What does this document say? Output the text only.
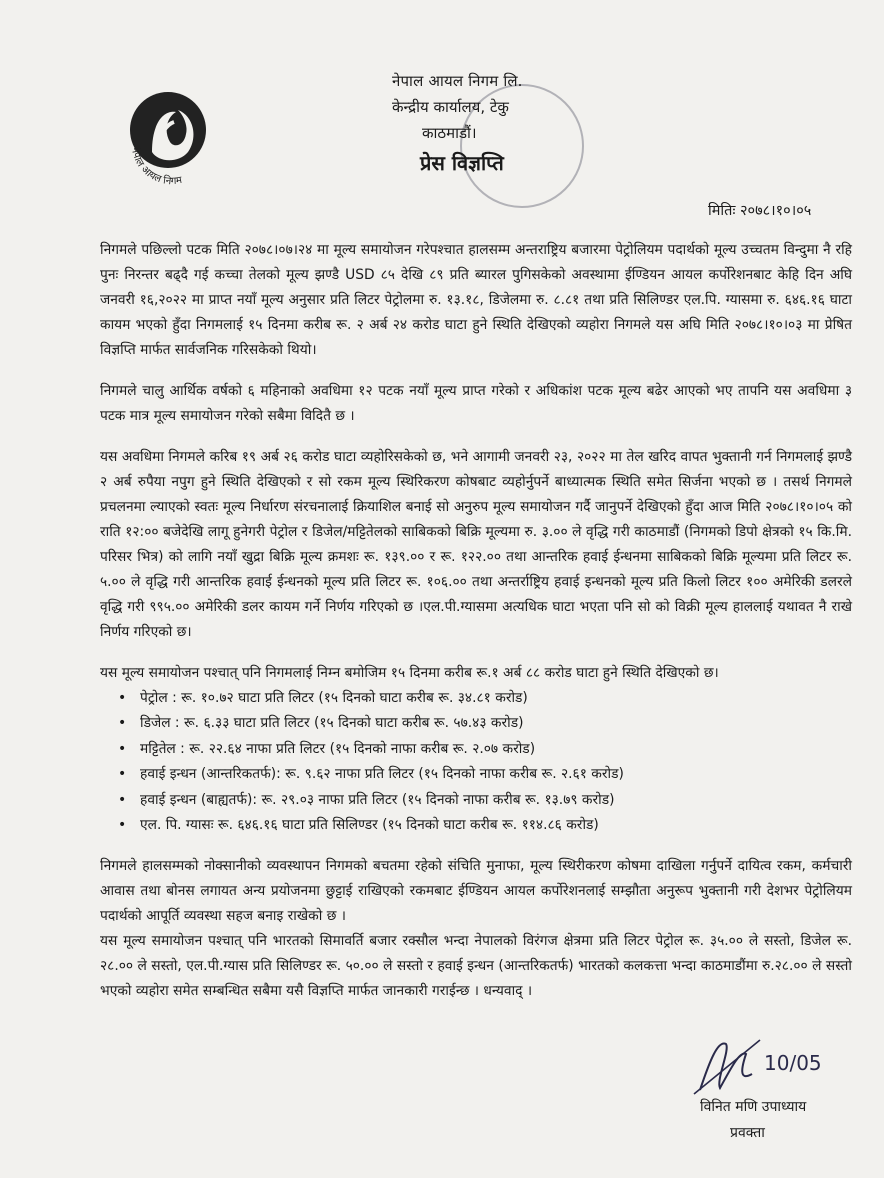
नेपाल आयल निगम
नेपाल आयल निगम लि.
केन्द्रीय कार्यालय, टेकु
काठमाडौं।
प्रेस विज्ञप्ति
मितिः २०७८।१०।०५

निगमले पछिल्लो पटक मिति २०७८।०७।२४ मा मूल्य समायोजन गरेपश्चात हालसम्म अन्तराष्ट्रिय बजारमा पेट्रोलियम पदार्थको मूल्य उच्चतम विन्दुमा नै रहि पुनः निरन्तर बढ्दै गई कच्चा तेलको मूल्य झण्डै USD ८५ देखि ८९ प्रति ब्यारल पुगिसकेको अवस्थामा ईण्डियन आयल कर्पोरेशनबाट केहि दिन अघि जनवरी १६,२०२२ मा प्राप्त नयाँ मूल्य अनुसार प्रति लिटर पेट्रोलमा रु. १३.१८, डिजेलमा रु. ८.८१ तथा प्रति सिलिण्डर एल.पि. ग्यासमा रु. ६४६.१६ घाटा कायम भएको हुँदा निगमलाई १५ दिनमा करीब रू. २ अर्ब २४ करोड घाटा हुने स्थिति देखिएको व्यहोरा निगमले यस अघि मिति २०७८।१०।०३ मा प्रेषित विज्ञप्ति मार्फत सार्वजनिक गरिसकेको थियो।

निगमले चालु आर्थिक वर्षको ६ महिनाको अवधिमा १२ पटक नयाँ मूल्य प्राप्त गरेको र अधिकांश पटक मूल्य बढेर आएको भए तापनि यस अवधिमा ३ पटक मात्र मूल्य समायोजन गरेको सबैमा विदितै छ ।

यस अवधिमा निगमले करिब १९ अर्ब २६ करोड घाटा व्यहोरिसकेको छ, भने आगामी जनवरी २३, २०२२ मा तेल खरिद वापत भुक्तानी गर्न निगमलाई झण्डै २ अर्ब रुपैया नपुग हुने स्थिति देखिएको र सो रकम मूल्य स्थिरिकरण कोषबाट व्यहोर्नुपर्ने बाध्यात्मक स्थिति समेत सिर्जना भएको छ । तसर्थ निगमले प्रचलनमा ल्याएको स्वतः मूल्य निर्धारण संरचनालाई क्रियाशिल बनाई सो अनुरुप मूल्य समायोजन गर्दै जानुपर्ने देखिएको हुँदा आज मिति २०७८।१०।०५ को राति १२:०० बजेदेखि लागू हुनेगरी पेट्रोल र डिजेल/मट्टितेलको साबिकको बिक्रि मूल्यमा रु. ३.०० ले वृद्धि गरी काठमाडौं (निगमको डिपो क्षेत्रको १५ कि.मि. परिसर भित्र) को लागि नयाँ खुद्रा बिक्रि मूल्य क्रमशः रू. १३९.०० र रू. १२२.०० तथा आन्तरिक हवाई ईन्धनमा साबिकको बिक्रि मूल्यमा प्रति लिटर रू. ५.०० ले वृद्धि गरी आन्तरिक हवाई ईन्धनको मूल्य प्रति लिटर रू. १०६.०० तथा अन्तर्राष्ट्रिय हवाई इन्धनको मूल्य प्रति किलो लिटर १०० अमेरिकी डलरले वृद्धि गरी ९९५.०० अमेरिकी डलर कायम गर्ने निर्णय गरिएको छ ।एल.पी.ग्यासमा अत्यधिक घाटा भएता पनि सो को विक्री मूल्य हाललाई यथावत नै राखे निर्णय गरिएको छ।

यस मूल्य समायोजन पश्चात् पनि निगमलाई निम्न बमोजिम १५ दिनमा करीब रू.१ अर्ब ८८ करोड घाटा हुने स्थिति देखिएको छ।

• पेट्रोल : रू. १०.७२ घाटा प्रति लिटर (१५ दिनको घाटा करीब रू. ३४.८१ करोड)
• डिजेल : रू. ६.३३ घाटा प्रति लिटर (१५ दिनको घाटा करीब रू. ५७.४३ करोड)
• मट्टितेल : रू. २२.६४ नाफा प्रति लिटर (१५ दिनको नाफा करीब रू. २.०७ करोड)
• हवाई इन्धन (आन्तरिकतर्फ): रू. ९.६२ नाफा प्रति लिटर (१५ दिनको नाफा करीब रू. २.६१ करोड)
• हवाई इन्धन (बाह्यतर्फ): रू. २९.०३ नाफा प्रति लिटर (१५ दिनको नाफा करीब रू. १३.७९ करोड)
• एल. पि. ग्यासः रू. ६४६.१६ घाटा प्रति सिलिण्डर (१५ दिनको घाटा करीब रू. ११४.८६ करोड)

निगमले हालसम्मको नोक्सानीको व्यवस्थापन निगमको बचतमा रहेको संचिति मुनाफा, मूल्य स्थिरीकरण कोषमा दाखिला गर्नुपर्ने दायित्व रकम, कर्मचारी आवास तथा बोनस लगायत अन्य प्रयोजनमा छुट्टाई राखिएको रकमबाट ईण्डियन आयल कर्पोरेशनलाई सम्झौता अनुरूप भुक्तानी गरी देशभर पेट्रोलियम पदार्थको आपूर्ति व्यवस्था सहज बनाइ राखेको छ ।

यस मूल्य समायोजन पश्चात् पनि भारतको सिमावर्ति बजार रक्सौल भन्दा नेपालको विरंगज क्षेत्रमा प्रति लिटर पेट्रोल रू. ३५.०० ले सस्तो, डिजेल रू. २८.०० ले सस्तो, एल.पी.ग्यास प्रति सिलिण्डर रू. ५०.०० ले सस्तो र हवाई इन्धन (आन्तरिकतर्फ) भारतको कलकत्ता भन्दा काठमाडौंमा रु.२८.०० ले सस्तो भएको व्यहोरा समेत सम्बन्धित सबैमा यसै विज्ञप्ति मार्फत जानकारी गराईन्छ । धन्यवाद् ।

10/05
विनित मणि उपाध्याय
प्रवक्ता
